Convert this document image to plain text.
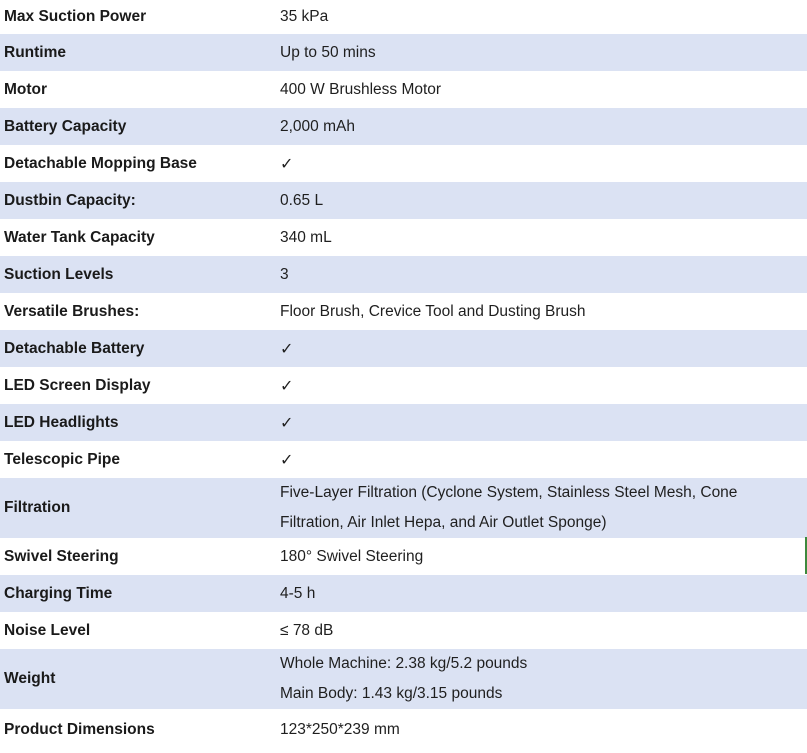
Max Suction Power	35 kPa

Runtime	Up to 50 mins

Motor	400 W Brushless Motor

Battery Capacity	2,000 mAh

Detachable Mopping Base	✓

Dustbin Capacity:	0.65 L

Water Tank Capacity	340 mL

Suction Levels	3

Versatile Brushes:	Floor Brush, Crevice Tool and Dusting Brush

Detachable Battery	✓

LED Screen Display	✓

LED Headlights	✓

Telescopic Pipe	✓

Filtration	Five-Layer Filtration (Cyclone System, Stainless Steel Mesh, Cone
Filtration, Air Inlet Hepa, and Air Outlet Sponge)

Swivel Steering	180° Swivel Steering

Charging Time	4-5 h

Noise Level	≤ 78 dB

Weight	Whole Machine: 2.38 kg/5.2 pounds
Main Body: 1.43 kg/3.15 pounds

Product Dimensions	123*250*239 mm
